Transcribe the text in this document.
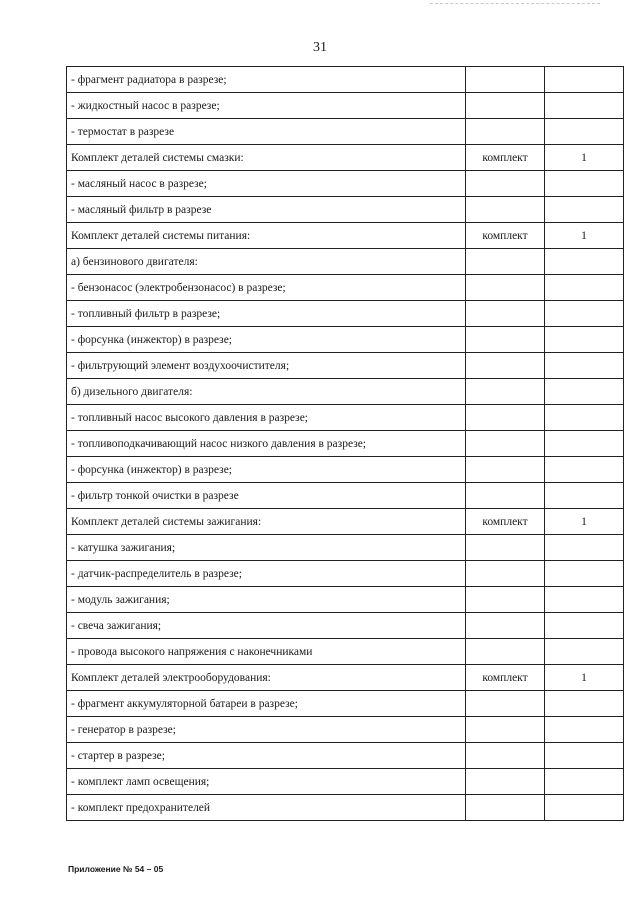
31
- фрагмент радиатора в разрезе;		
- жидкостный насос в разрезе;		
- термостат в разрезе		
Комплект деталей системы смазки:	комплект	1
- масляный насос в разрезе;		
- масляный фильтр в разрезе		
Комплект деталей системы питания:	комплект	1
а) бензинового двигателя:		
- бензонасос (электробензонасос) в разрезе;		
- топливный фильтр в разрезе;		
- форсунка (инжектор) в разрезе;		
- фильтрующий элемент воздухоочистителя;		
б) дизельного двигателя:		
- топливный насос высокого давления в разрезе;		
- топливоподкачивающий насос низкого давления в разрезе;		
- форсунка (инжектор) в разрезе;		
- фильтр тонкой очистки в разрезе		
Комплект деталей системы зажигания:	комплект	1
- катушка зажигания;		
- датчик-распределитель в разрезе;		
- модуль зажигания;		
- свеча зажигания;		
- провода высокого напряжения с наконечниками		
Комплект деталей электрооборудования:	комплект	1
- фрагмент аккумуляторной батареи в разрезе;		
- генератор в разрезе;		
- стартер в разрезе;		
- комплект ламп освещения;		
- комплект предохранителей		
Приложение № 54 – 05
